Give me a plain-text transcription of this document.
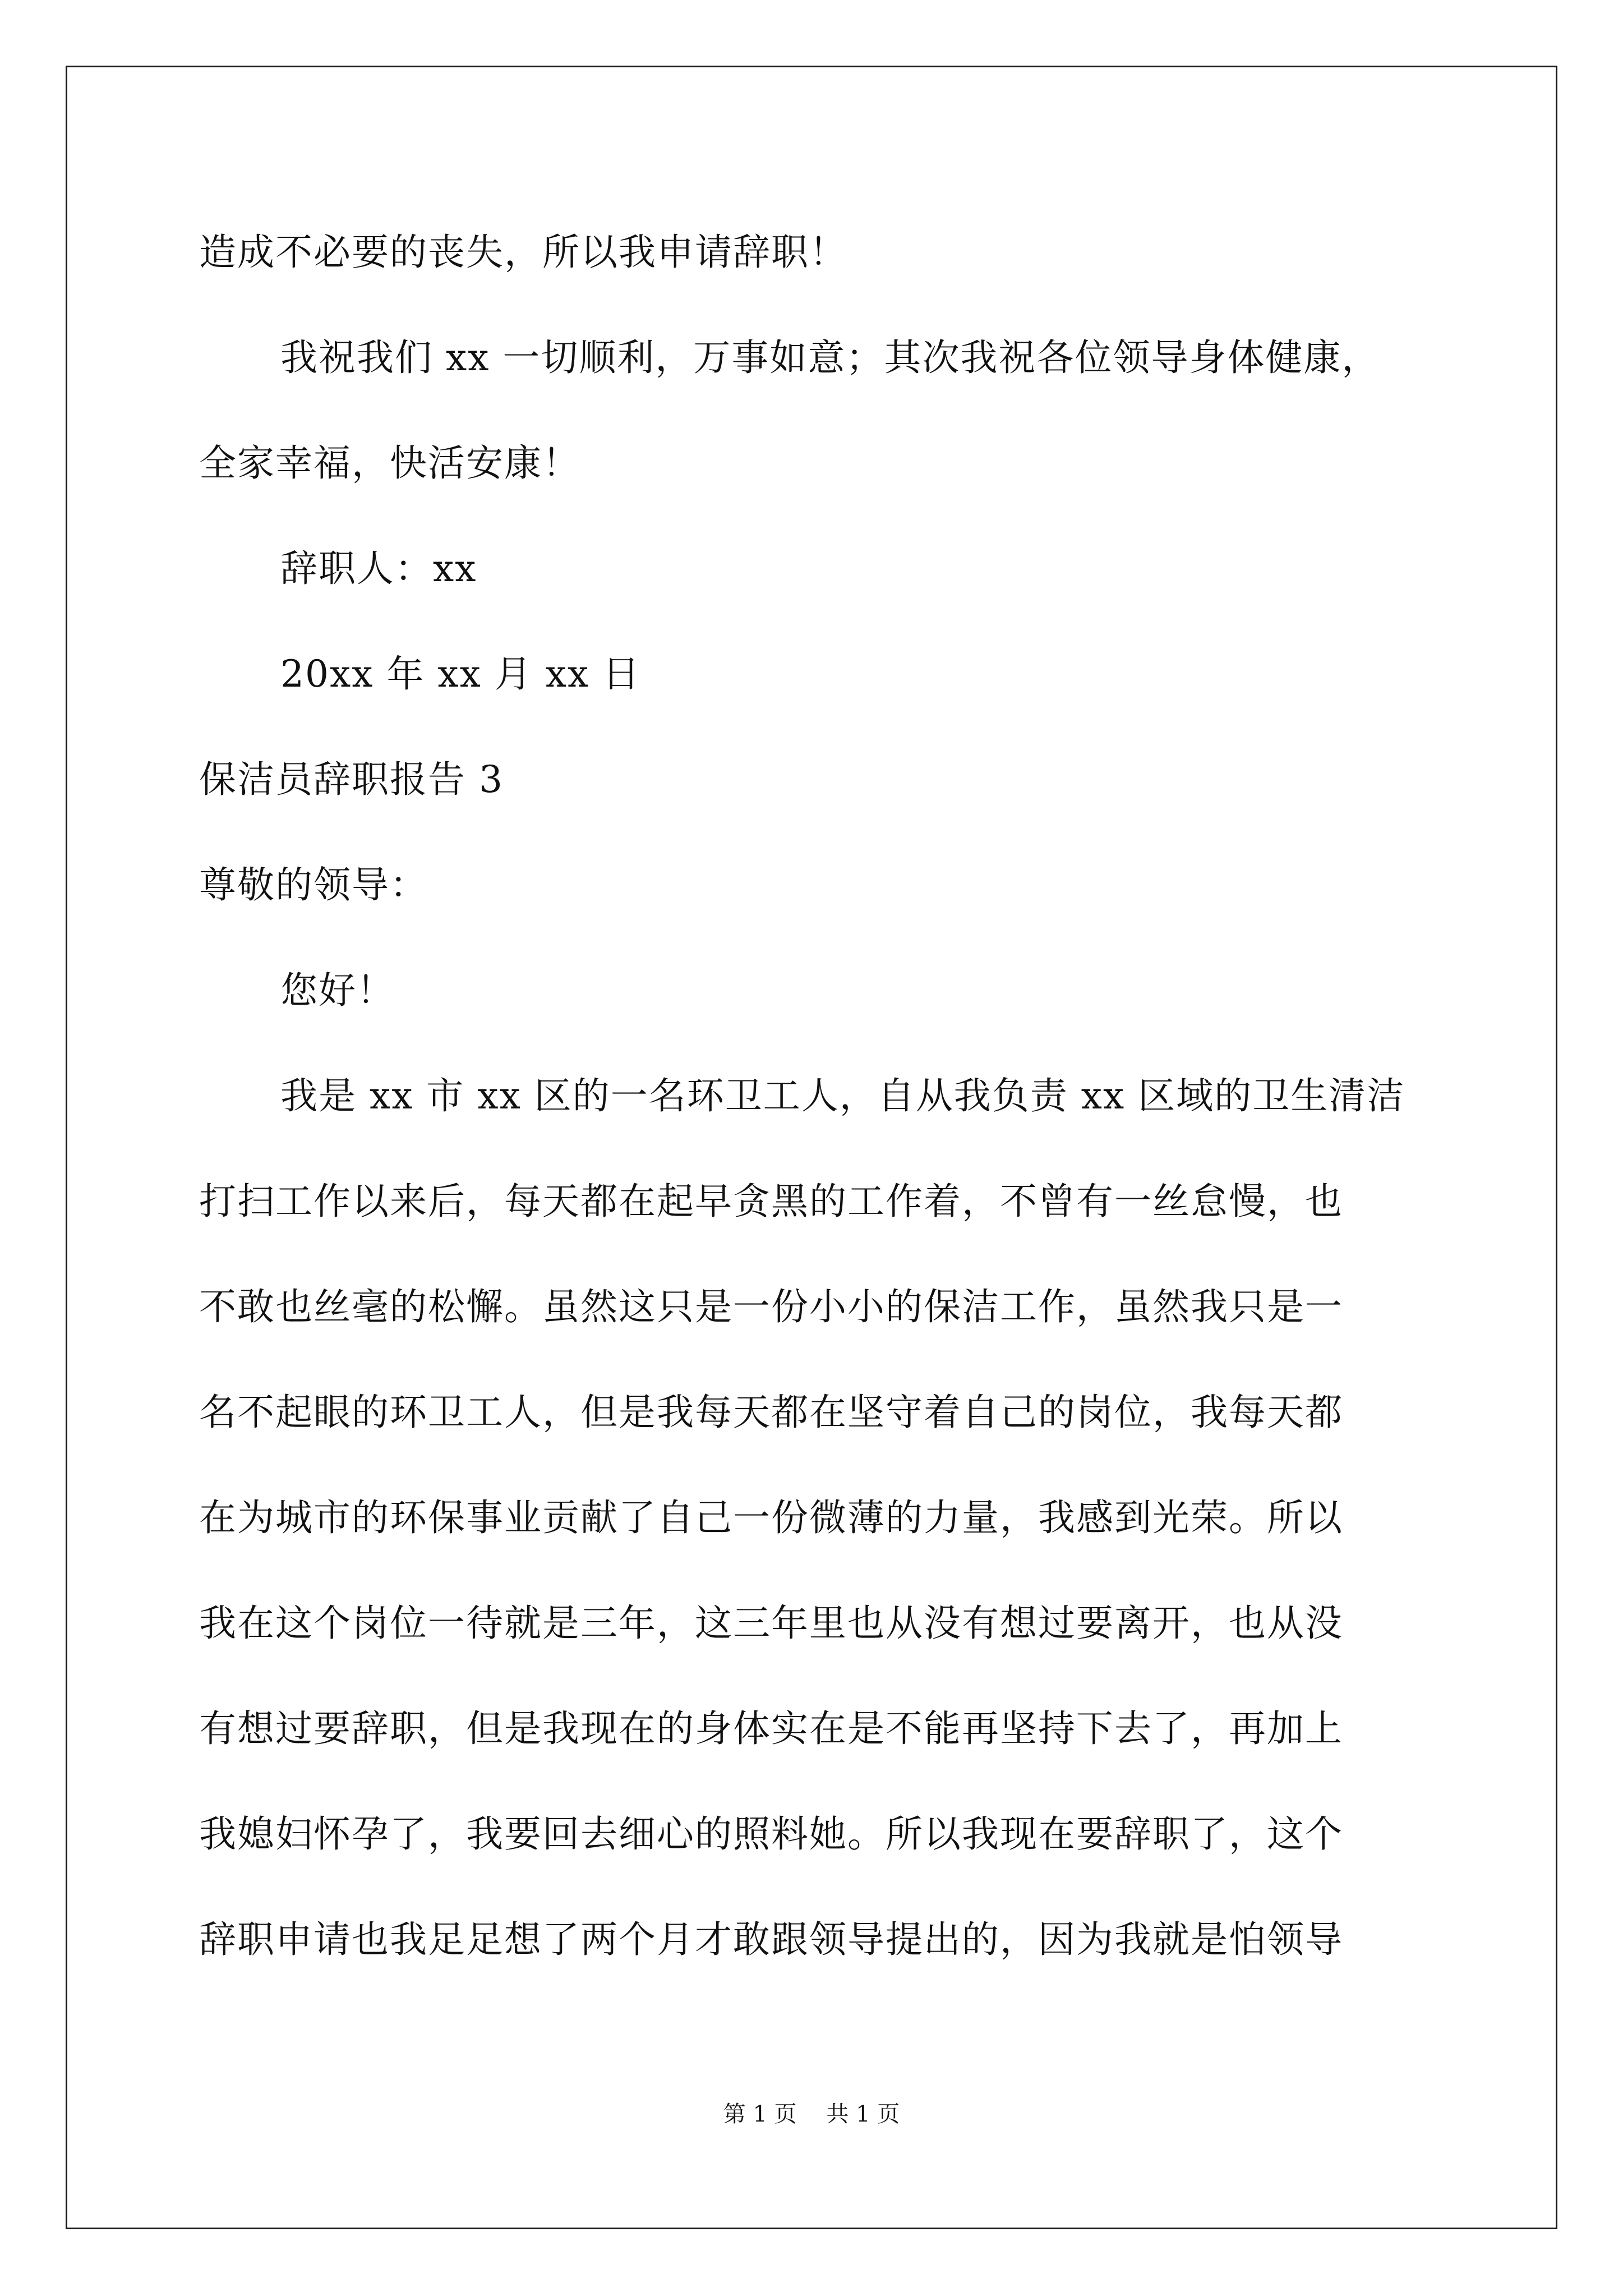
造成不必要的丧失，所以我申请辞职！
我祝我们 xx 一切顺利，万事如意；其次我祝各位领导身体健康，
全家幸福，快活安康！
辞职人：xx
20xx 年 xx 月 xx 日
保洁员辞职报告 3
尊敬的领导：
您好！
我是 xx 市 xx 区的一名环卫工人，自从我负责 xx 区域的卫生清洁
打扫工作以来后，每天都在起早贪黑的工作着，不曾有一丝怠慢，也
不敢也丝毫的松懈。虽然这只是一份小小的保洁工作，虽然我只是一
名不起眼的环卫工人，但是我每天都在坚守着自己的岗位，我每天都
在为城市的环保事业贡献了自己一份微薄的力量，我感到光荣。所以
我在这个岗位一待就是三年，这三年里也从没有想过要离开，也从没
有想过要辞职，但是我现在的身体实在是不能再坚持下去了，再加上
我媳妇怀孕了，我要回去细心的照料她。所以我现在要辞职了，这个
辞职申请也我足足想了两个月才敢跟领导提出的，因为我就是怕领导
第 1 页 共 1 页
